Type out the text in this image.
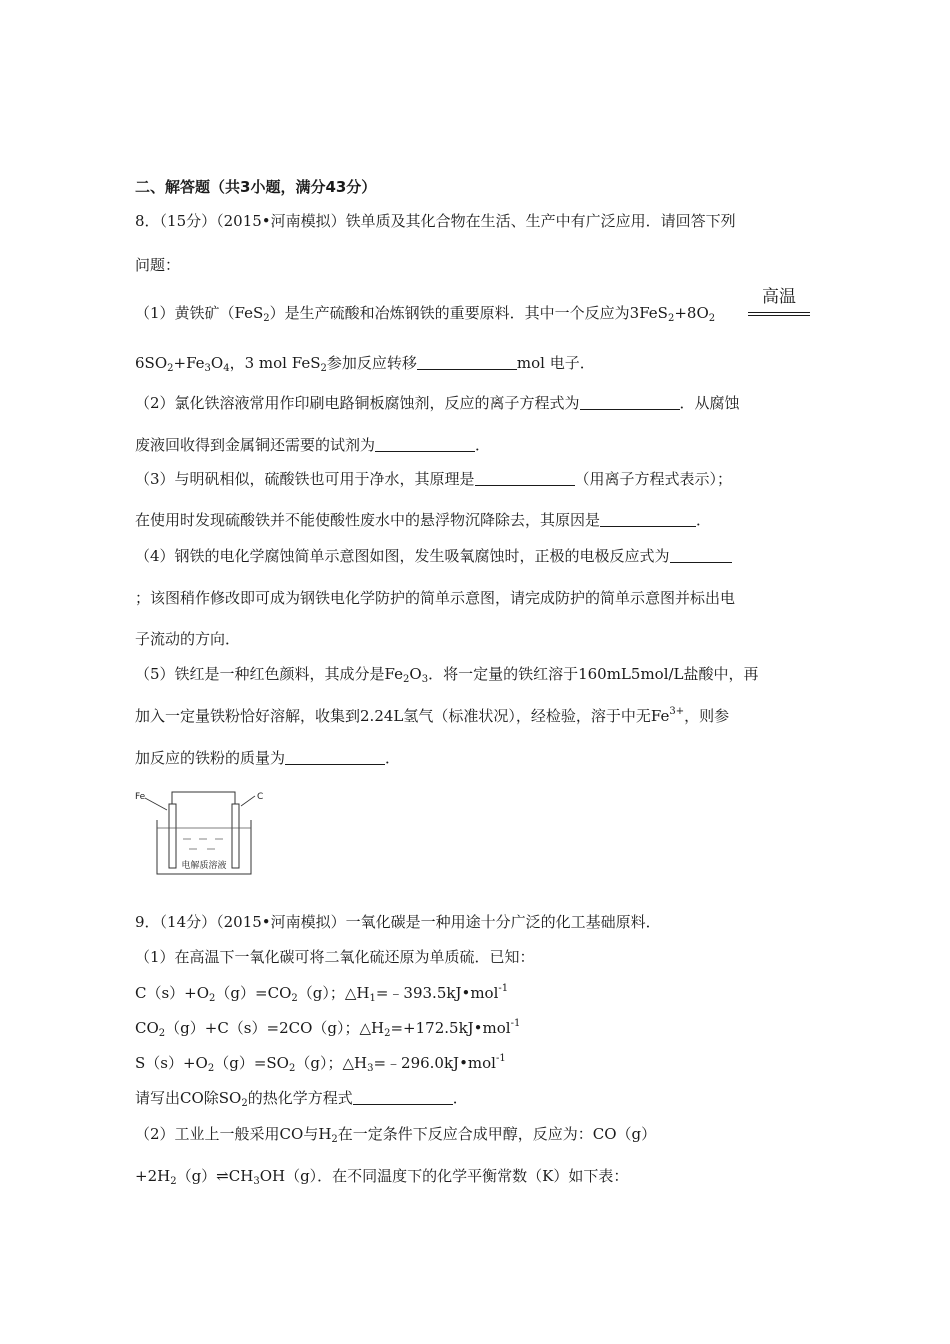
二、解答题（共3小题，满分43分）
8．（15分）（2015•河南模拟）铁单质及其化合物在生活、生产中有广泛应用．请回答下列
问题：
（1）黄铁矿（FeS$_2$）是生产硫酸和冶炼钢铁的重要原料．其中一个反应为$3FeS_2+8O_2$
高温
$6SO_2+Fe_3O_4$，3 mol FeS$_2$参加反应转移	mol 电子．
（2）氯化铁溶液常用作印刷电路铜板腐蚀剂，反应的离子方程式为	．从腐蚀
废液回收得到金属铜还需要的试剂为	．
（3）与明矾相似，硫酸铁也可用于净水，其原理是	（用离子方程式表示）；
在使用时发现硫酸铁并不能使酸性废水中的悬浮物沉降除去，其原因是	．
（4）钢铁的电化学腐蚀简单示意图如图，发生吸氧腐蚀时，正极的电极反应式为
；该图稍作修改即可成为钢铁电化学防护的简单示意图，请完成防护的简单示意图并标出电
子流动的方向．
（5）铁红是一种红色颜料，其成分是$Fe_2O_3$．将一定量的铁红溶于160mL5mol/L盐酸中，再
加入一定量铁粉恰好溶解，收集到2.24L氢气（标准状况），经检验，溶于中无$Fe^{3+}$，则参
加反应的铁粉的质量为	．
Fe	C
电解质溶液
9．（14分）（2015•河南模拟）一氧化碳是一种用途十分广泛的化工基础原料．
（1）在高温下一氧化碳可将二氧化硫还原为单质硫．已知：
$C(s)+O_2(g)=CO_2(g)$；$\triangle H_1=﹣393.5kJ•mol^{-1}$
$CO_2(g)+C(s)=2CO(g)$；$\triangle H_2=+172.5kJ•mol^{-1}$
$S(s)+O_2(g)=SO_2(g)$；$\triangle H_3=﹣296.0kJ•mol^{-1}$
请写出CO除$SO_2$的热化学方程式	．
（2）工业上一般采用CO与$H_2$在一定条件下反应合成甲醇，反应为：CO（g）
$+2H_2(g)\rightleftharpoons CH_3OH(g)$．在不同温度下的化学平衡常数（K）如下表：
